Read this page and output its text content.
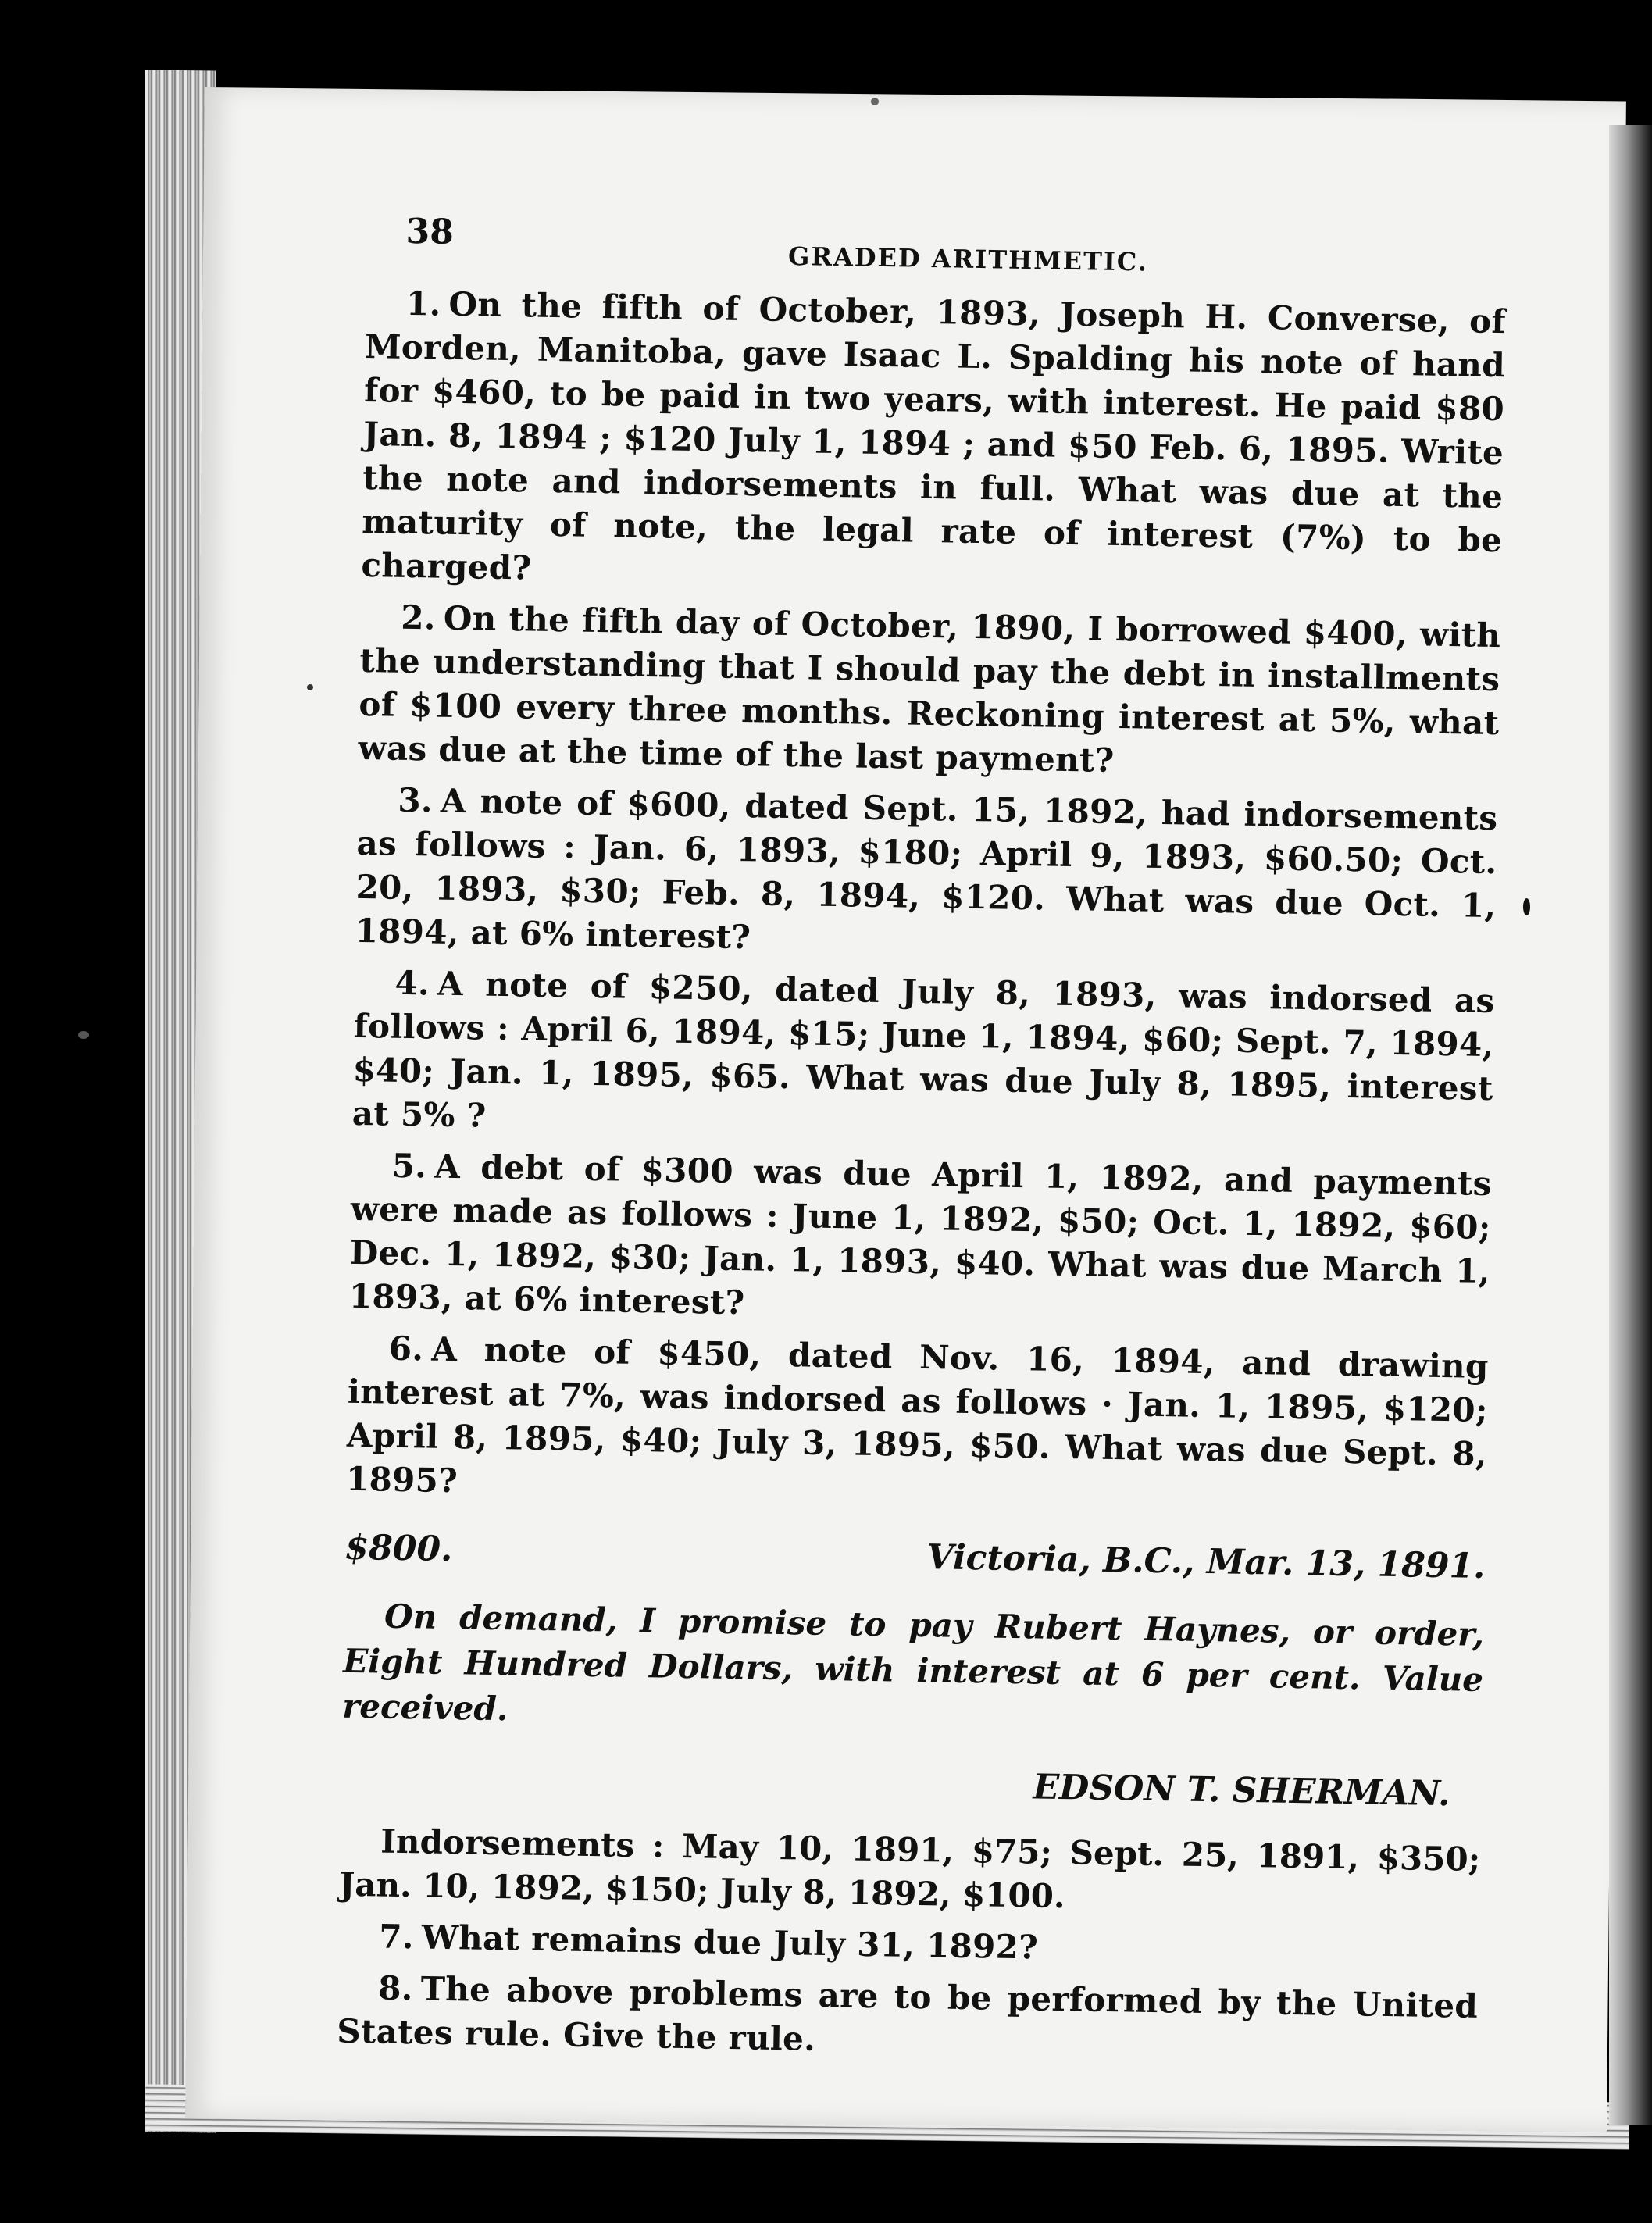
38
GRADED ARITHMETIC.

1. On the fifth of October, 1893, Joseph H. Converse, of Morden, Manitoba, gave Isaac L. Spalding his note of hand for $460, to be paid in two years, with interest. He paid $80 Jan. 8, 1894 ; $120 July 1, 1894 ; and $50 Feb. 6, 1895. Write the note and indorsements in full. What was due at the maturity of note, the legal rate of interest (7%) to be charged?

2. On the fifth day of October, 1890, I borrowed $400, with the understanding that I should pay the debt in installments of $100 every three months. Reckoning interest at 5%, what was due at the time of the last payment?

3. A note of $600, dated Sept. 15, 1892, had indorsements as follows : Jan. 6, 1893, $180; April 9, 1893, $60.50; Oct. 20, 1893, $30; Feb. 8, 1894, $120. What was due Oct. 1, 1894, at 6% interest?

4. A note of $250, dated July 8, 1893, was indorsed as follows : April 6, 1894, $15; June 1, 1894, $60; Sept. 7, 1894, $40; Jan. 1, 1895, $65. What was due July 8, 1895, interest at 5% ?

5. A debt of $300 was due April 1, 1892, and payments were made as follows : June 1, 1892, $50; Oct. 1, 1892, $60; Dec. 1, 1892, $30; Jan. 1, 1893, $40. What was due March 1, 1893, at 6% interest?

6. A note of $450, dated Nov. 16, 1894, and drawing interest at 7%, was indorsed as follows · Jan. 1, 1895, $120; April 8, 1895, $40; July 3, 1895, $50. What was due Sept. 8, 1895?

$800.	Victoria, B.C., Mar. 13, 1891.
On demand, I promise to pay Rubert Haynes, or order, Eight Hundred Dollars, with interest at 6 per cent. Value received.
EDSON T. SHERMAN.

Indorsements : May 10, 1891, $75; Sept. 25, 1891, $350; Jan. 10, 1892, $150; July 8, 1892, $100.

7. What remains due July 31, 1892?

8. The above problems are to be performed by the United States rule. Give the rule.
